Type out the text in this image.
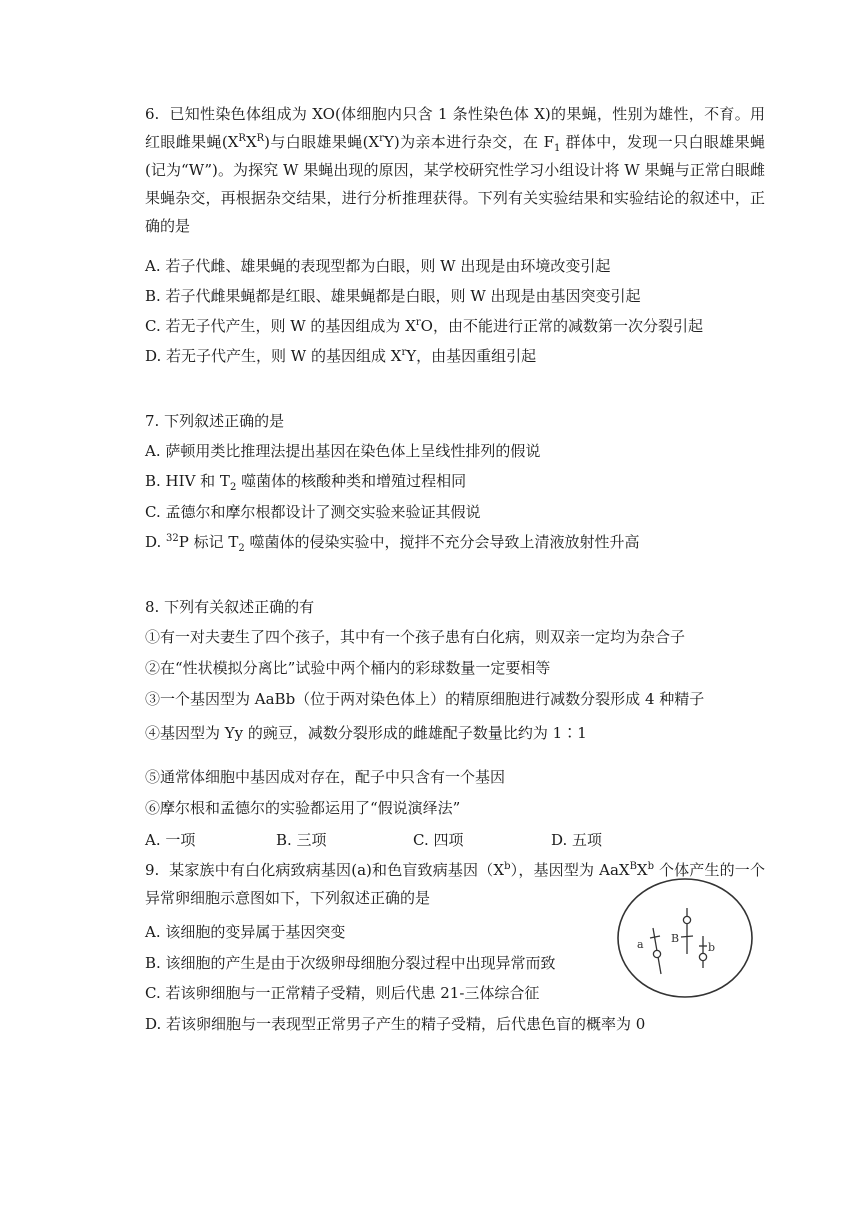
6.  已知性染色体组成为 XO(体细胞内只含 1 条性染色体 X)的果蝇，性别为雄性，不育。用红眼雌果蝇$(X^RX^R)$与白眼雄果蝇$(X^rY)$为亲本进行杂交，在 $F_1$ 群体中，发现一只白眼雄果蝇(记为“W”)。为探究 W 果蝇出现的原因，某学校研究性学习小组设计将 W 果蝇与正常白眼雌果蝇杂交，再根据杂交结果，进行分析推理获得。下列有关实验结果和实验结论的叙述中，正确的是
A. 若子代雌、雄果蝇的表现型都为白眼，则 W 出现是由环境改变引起
B. 若子代雌果蝇都是红眼、雄果蝇都是白眼，则 W 出现是由基因突变引起
C. 若无子代产生，则 W 的基因组成为 $X^rO$，由不能进行正常的减数第一次分裂引起
D. 若无子代产生，则 W 的基因组成 $X^rY$，由基因重组引起
7. 下列叙述正确的是
A. 萨顿用类比推理法提出基因在染色体上呈线性排列的假说
B. HIV 和 $T_2$ 噬菌体的核酸种类和增殖过程相同
C. 孟德尔和摩尔根都设计了测交实验来验证其假说
D. $^{32}$P 标记 $T_2$ 噬菌体的侵染实验中，搅拌不充分会导致上清液放射性升高
8. 下列有关叙述正确的有
①有一对夫妻生了四个孩子，其中有一个孩子患有白化病，则双亲一定均为杂合子
②在“性状模拟分离比”试验中两个桶内的彩球数量一定要相等
③一个基因型为 AaBb（位于两对染色体上）的精原细胞进行减数分裂形成 4 种精子
④基因型为 Yy 的豌豆，减数分裂形成的雌雄配子数量比约为 1∶1
⑤通常体细胞中基因成对存在，配子中只含有一个基因
⑥摩尔根和孟德尔的实验都运用了“假说演绎法”
A. 一项	B. 三项	C. 四项	D. 五项
9.  某家族中有白化病致病基因(a)和色盲致病基因$(X^b)$，基因型为 $AaX^BX^b$ 个体产生的一个异常卵细胞示意图如下，下列叙述正确的是
A. 该细胞的变异属于基因突变
B. 该细胞的产生是由于次级卵母细胞分裂过程中出现异常而致
C. 若该卵细胞与一正常精子受精，则后代患 21-三体综合征
D. 若该卵细胞与一表现型正常男子产生的精子受精，后代患色盲的概率为 0
a B
b
